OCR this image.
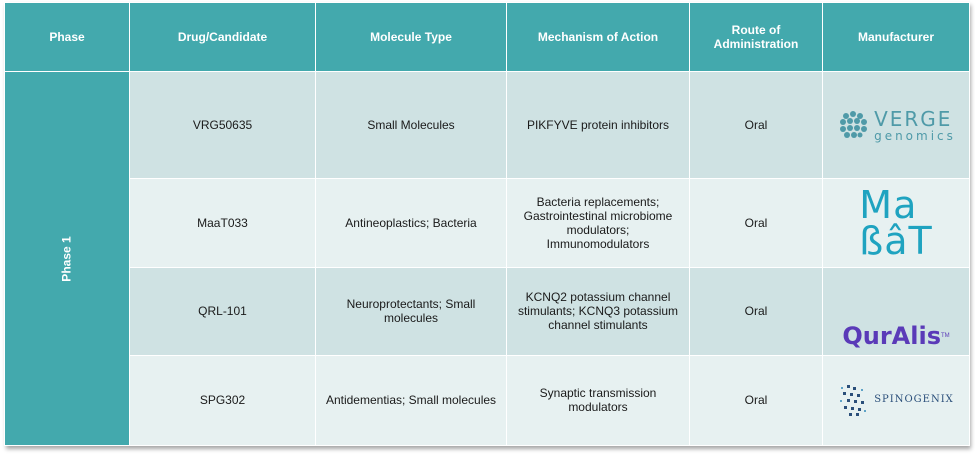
Phase	Drug/Candidate	Molecule Type	Mechanism of Action	Route of Administration	Manufacturer
Phase 1	VRG50635	Small Molecules	PIKFYVE protein inhibitors	Oral	VERGE
genomics

	MaaT033	Antineoplastics; Bacteria	Bacteria replacements; Gastrointestinal microbiome modulators; Immunomodulators	Oral	Ma
ßâT

	QRL-101	Neuroprotectants; Small molecules	KCNQ2 potassium channel stimulants; KCNQ3 potassium channel stimulants	Oral	QurAlis TM

	SPG302	Antidementias; Small molecules	Synaptic transmission modulators	Oral	SPINOGENIX
